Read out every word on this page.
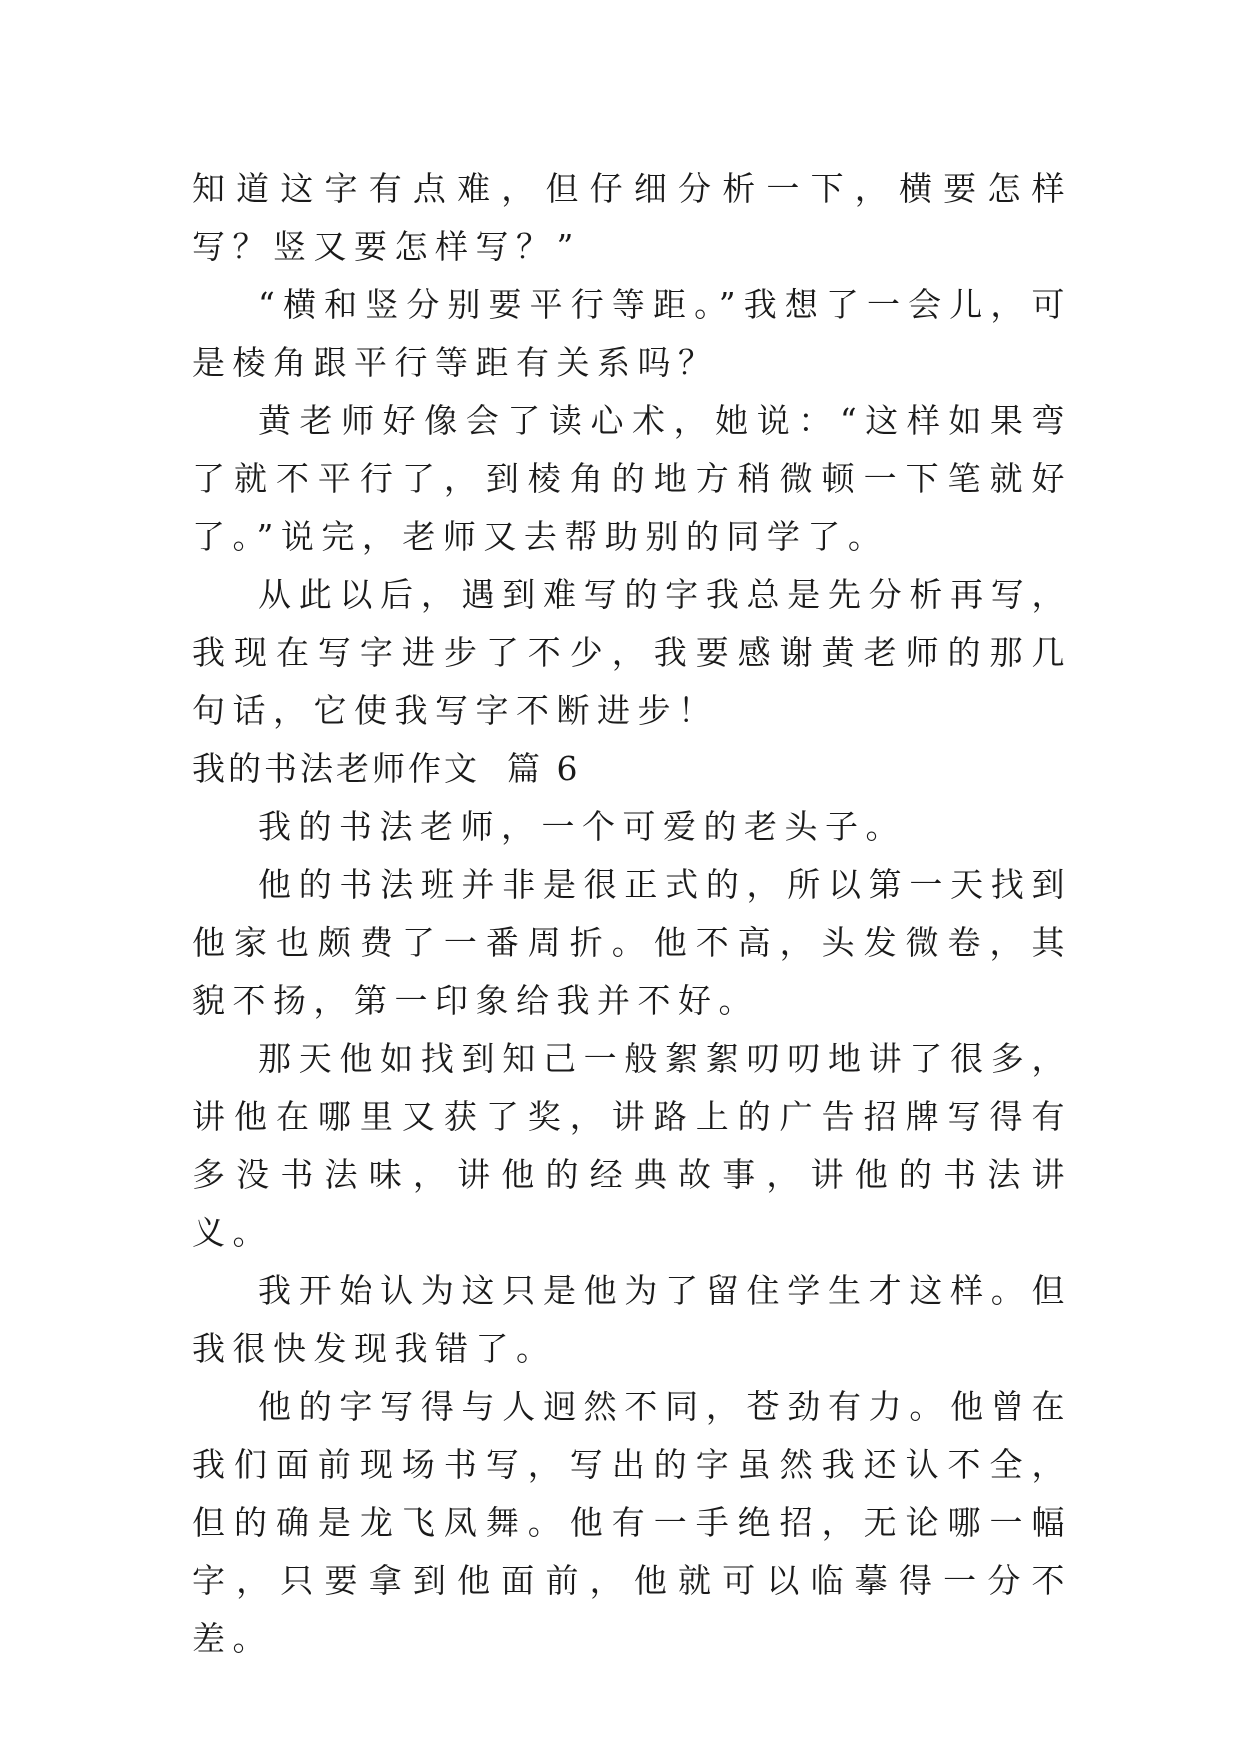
知道这字有点难，但仔细分析一下，横要怎样写？竖又要怎样写？”

“横和竖分别要平行等距。”我想了一会儿，可是棱角跟平行等距有关系吗？

黄老师好像会了读心术，她说：“这样如果弯了就不平行了，到棱角的地方稍微顿一下笔就好了。”说完，老师又去帮助别的同学了。

从此以后，遇到难写的字我总是先分析再写，我现在写字进步了不少，我要感谢黄老师的那几句话，它使我写字不断进步！

我的书法老师作文  篇 6

我的书法老师，一个可爱的老头子。

他的书法班并非是很正式的，所以第一天找到他家也颇费了一番周折。他不高，头发微卷，其貌不扬，第一印象给我并不好。

那天他如找到知己一般絮絮叨叨地讲了很多，讲他在哪里又获了奖，讲路上的广告招牌写得有多没书法味，讲他的经典故事，讲他的书法讲义。

我开始认为这只是他为了留住学生才这样。但我很快发现我错了。

他的字写得与人迥然不同，苍劲有力。他曾在我们面前现场书写，写出的字虽然我还认不全，但的确是龙飞凤舞。他有一手绝招，无论哪一幅字，只要拿到他面前，他就可以临摹得一分不差。
